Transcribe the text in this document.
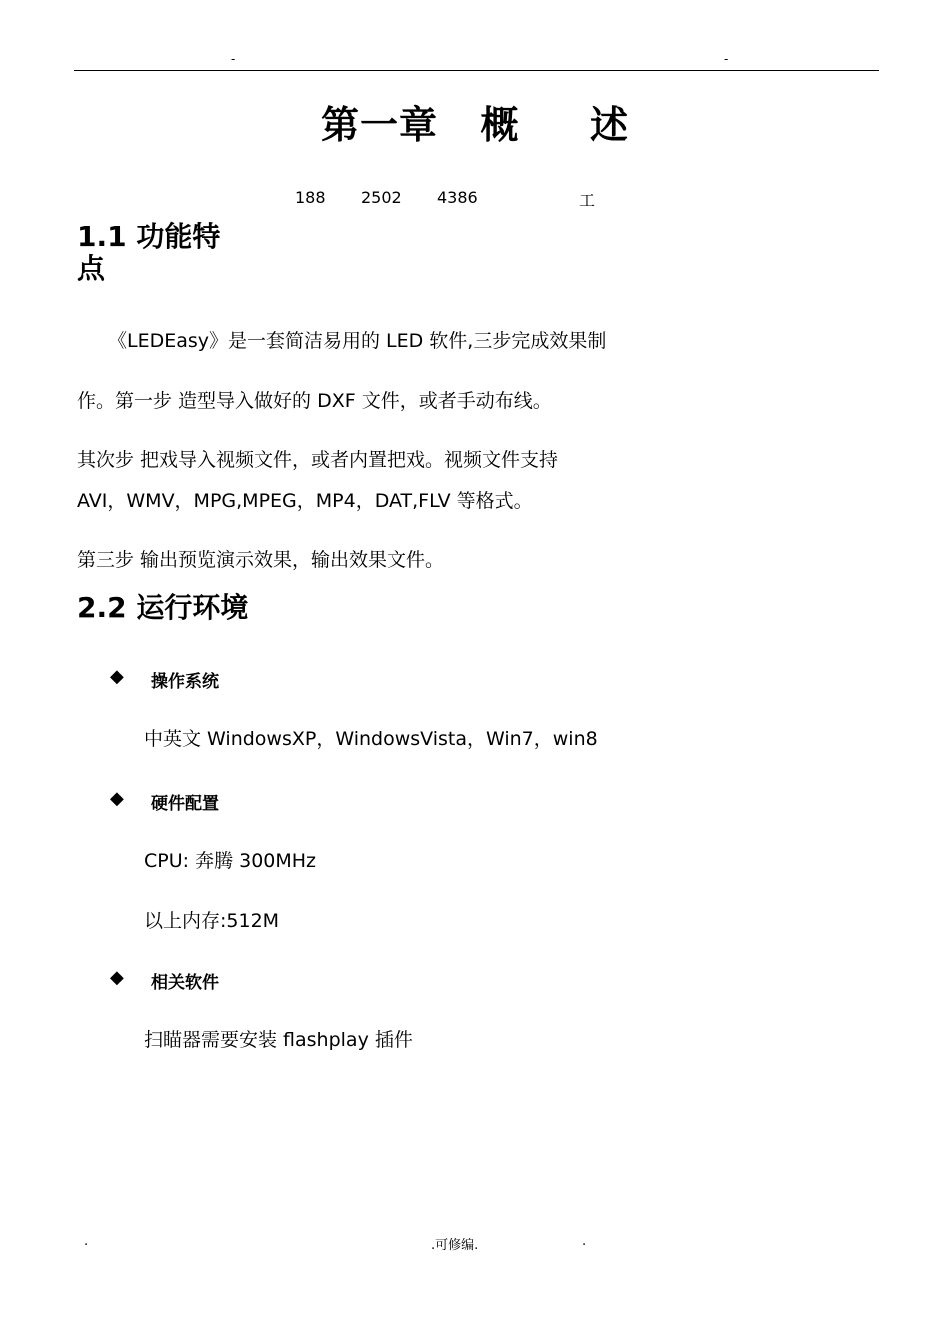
-	-
第一章 概 述
188 2502 4386	工
1.1 功能特
点
《LEDEasy》是一套简洁易用的 LED 软件,三步完成效果制
作。第一步 造型导入做好的 DXF 文件，或者手动布线。
其次步 把戏导入视频文件，或者内置把戏。视频文件支持
AVI，WMV，MPG,MPEG，MP4，DAT,FLV 等格式。
第三步 输出预览演示效果，输出效果文件。
2.2 运行环境
◆ 操作系统
中英文 WindowsXP，WindowsVista，Win7，win8
◆ 硬件配置
CPU: 奔腾 300MHz
以上内存:512M
◆ 相关软件
扫瞄器需要安装 flashplay 插件
.	.可修编.	.
